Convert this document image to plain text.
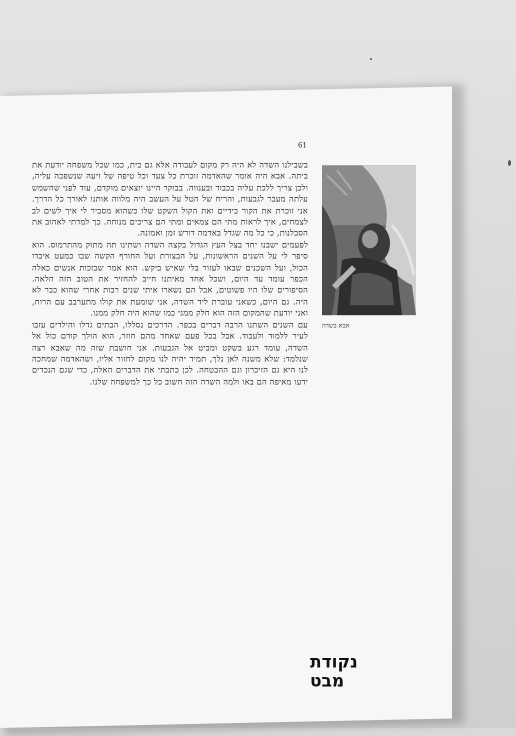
61

בשבילנו השדה לא היה רק מקום לעבודה אלא גם בית, כמו שכל משפחה יודעת את ביתה. אבא היה אומר שהאדמה זוכרת כל צעד וכל טיפה של זיעה שנשפכה עליה, ולכן צריך ללכת עליה בכבוד ובענווה. בבוקר היינו יוצאים מוקדם, עוד לפני שהשמש עלתה מעבר לגבעות, והריח של הטל על העשב היה מלווה אותנו לאורך כל הדרך. אני זוכרת את הקור בידיים ואת הקול השקט שלו כשהוא מסביר לי איך לשים לב לצמחים, איך לראות מתי הם צמאים ומתי הם צריכים מנוחה. כך למדתי לאהוב את הסבלנות, כי כל מה שגדל באדמה דורש זמן ואמונה.

לפעמים ישבנו יחד בצל העץ הגדול בקצה השדה ושתינו תה מתוק מהתרמוס. הוא סיפר לי על השנים הראשונות, על הבצורת ועל החורף הקשה שבו כמעט איבדו הכול, ועל השכנים שבאו לעזור בלי שאיש ביקש. הוא אמר שבזכות אנשים כאלה הכפר עומד עד היום, ושכל אחד מאיתנו חייב להחזיר את הטוב הזה הלאה. הסיפורים שלו היו פשוטים, אבל הם נשארו איתי שנים רבות אחרי שהוא כבר לא היה. גם היום, כשאני עוברת ליד השדה, אני שומעת את קולו מתערבב עם הרוח, ואני יודעת שהמקום הזה הוא חלק ממני כמו שהוא היה חלק ממנו.

עם השנים השתנו הרבה דברים בכפר. הדרכים נסללו, הבתים גדלו והילדים עזבו לעיר ללמוד ולעבוד. אבל בכל פעם שאחד מהם חוזר, הוא הולך קודם כול אל השדה, עומד רגע בשקט ומביט אל הגבעות. אני חושבת שזה מה שאבא רצה שנלמד: שלא משנה לאן נלך, תמיד יהיה לנו מקום לחזור אליו, ושהאדמה שמחכה לנו היא גם הזיכרון וגם ההבטחה. לכן כתבתי את הדברים האלה, כדי שגם הנכדים ידעו מאיפה הם באו ולמה השדה הזה חשוב כל כך למשפחה שלנו.

אבא בשדה
נקודת
מבט
